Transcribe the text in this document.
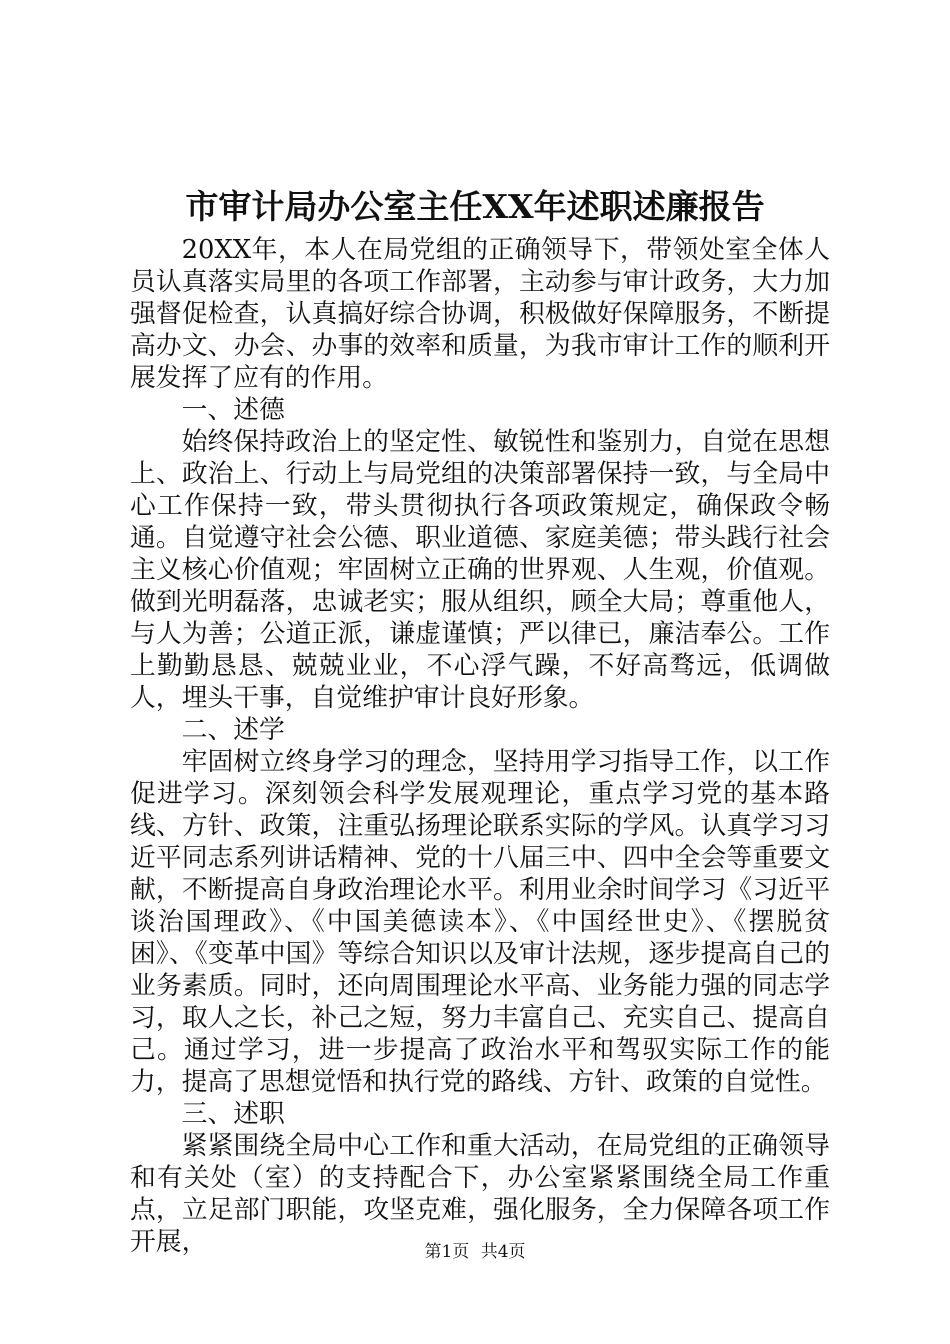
市审计局办公室主任XX年述职述廉报告

20XX年，本人在局党组的正确领导下，带领处室全体人员认真落实局里的各项工作部署，主动参与审计政务，大力加强督促检查，认真搞好综合协调，积极做好保障服务，不断提高办文、办会、办事的效率和质量，为我市审计工作的顺利开展发挥了应有的作用。

一、述德

始终保持政治上的坚定性、敏锐性和鉴别力，自觉在思想上、政治上、行动上与局党组的决策部署保持一致，与全局中心工作保持一致，带头贯彻执行各项政策规定，确保政令畅通。自觉遵守社会公德、职业道德、家庭美德；带头践行社会主义核心价值观；牢固树立正确的世界观、人生观，价值观。做到光明磊落，忠诚老实；服从组织，顾全大局；尊重他人，与人为善；公道正派，谦虚谨慎；严以律已，廉洁奉公。工作上勤勤恳恳、兢兢业业，不心浮气躁，不好高骛远，低调做人，埋头干事，自觉维护审计良好形象。

二、述学

牢固树立终身学习的理念，坚持用学习指导工作，以工作促进学习。深刻领会科学发展观理论，重点学习党的基本路线、方针、政策，注重弘扬理论联系实际的学风。认真学习习近平同志系列讲话精神、党的十八届三中、四中全会等重要文献，不断提高自身政治理论水平。利用业余时间学习《习近平谈治国理政》、《中国美德读本》、《中国经世史》、《摆脱贫困》、《变革中国》等综合知识以及审计法规，逐步提高自己的业务素质。同时，还向周围理论水平高、业务能力强的同志学习，取人之长，补己之短，努力丰富自己、充实自己、提高自己。通过学习，进一步提高了政治水平和驾驭实际工作的能力，提高了思想觉悟和执行党的路线、方针、政策的自觉性。

三、述职

紧紧围绕全局中心工作和重大活动，在局党组的正确领导和有关处（室）的支持配合下，办公室紧紧围绕全局工作重点，立足部门职能，攻坚克难，强化服务，全力保障各项工作开展，	第1页 共4页
